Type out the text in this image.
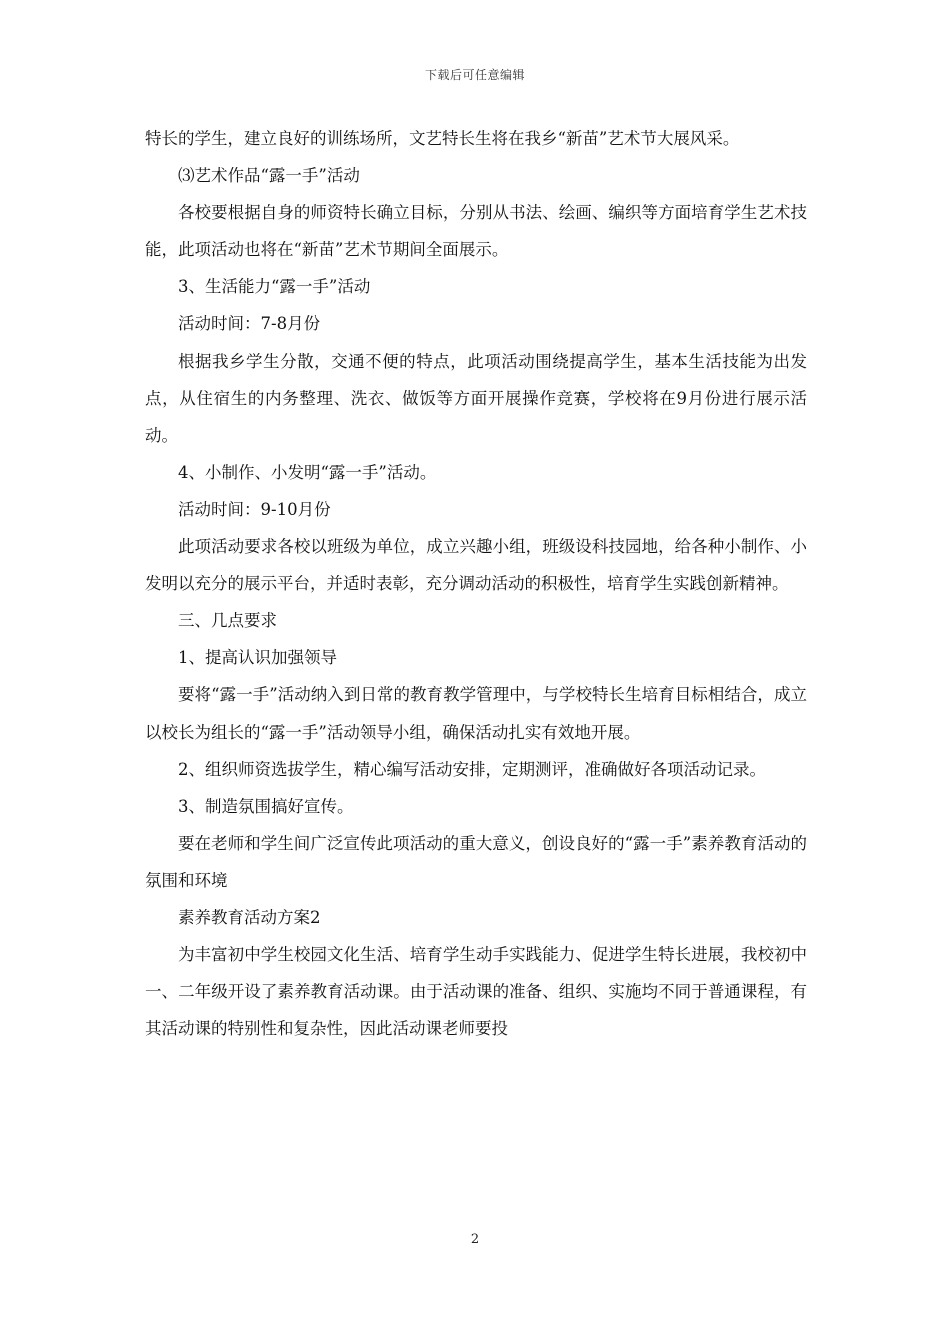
下载后可任意编辑

特长的学生，建立良好的训练场所，文艺特长生将在我乡“新苗”艺术节大展风采。

⑶艺术作品“露一手”活动

各校要根据自身的师资特长确立目标，分别从书法、绘画、编织等方面培育学生艺术技能，此项活动也将在“新苗”艺术节期间全面展示。

3、生活能力“露一手”活动

活动时间：7-8月份

根据我乡学生分散，交通不便的特点，此项活动围绕提高学生，基本生活技能为出发点，从住宿生的内务整理、洗衣、做饭等方面开展操作竞赛，学校将在9月份进行展示活动。

4、小制作、小发明“露一手”活动。

活动时间：9-10月份

此项活动要求各校以班级为单位，成立兴趣小组，班级设科技园地，给各种小制作、小发明以充分的展示平台，并适时表彰，充分调动活动的积极性，培育学生实践创新精神。

三、几点要求

1、提高认识加强领导

要将“露一手”活动纳入到日常的教育教学管理中，与学校特长生培育目标相结合，成立以校长为组长的“露一手”活动领导小组，确保活动扎实有效地开展。

2、组织师资选拔学生，精心编写活动安排，定期测评，准确做好各项活动记录。

3、制造氛围搞好宣传。

要在老师和学生间广泛宣传此项活动的重大意义，创设良好的“露一手”素养教育活动的氛围和环境

素养教育活动方案2

为丰富初中学生校园文化生活、培育学生动手实践能力、促进学生特长进展，我校初中一、二年级开设了素养教育活动课。由于活动课的准备、组织、实施均不同于普通课程，有其活动课的特别性和复杂性，因此活动课老师要投

2
